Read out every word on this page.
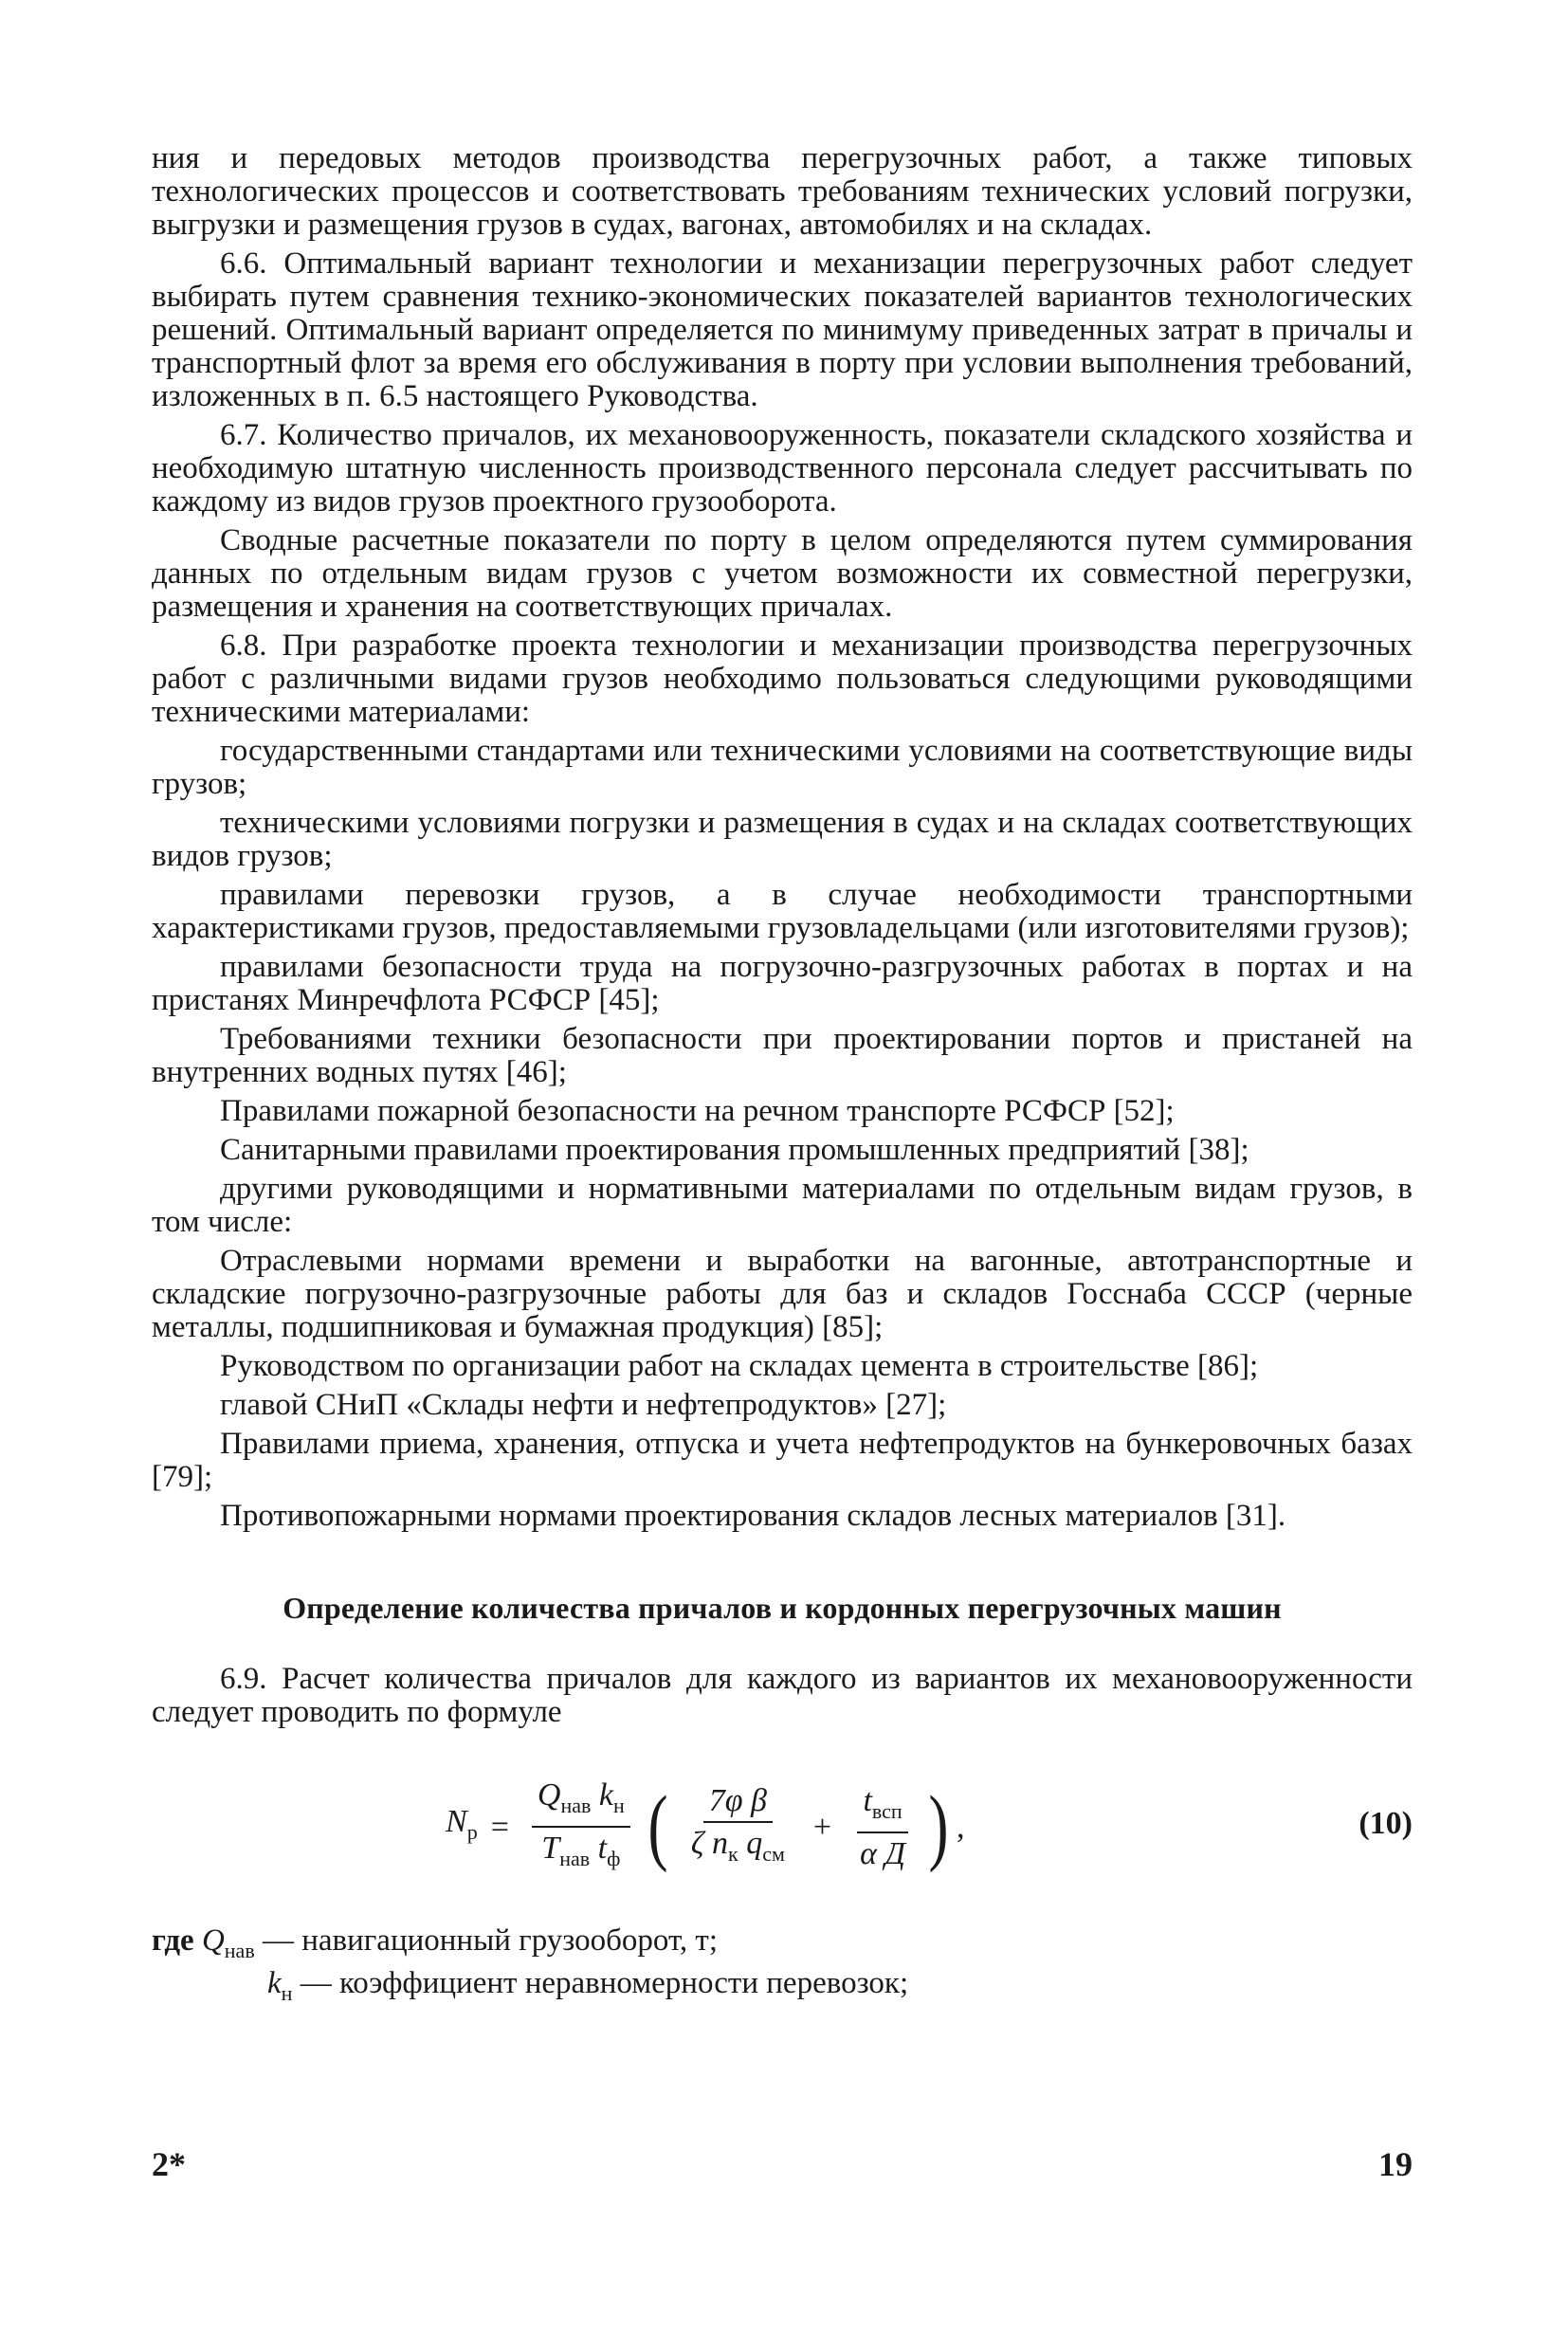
ния и передовых методов производства перегрузочных работ, а также типовых технологических процессов и соответствовать требованиям технических условий погрузки, выгрузки и размещения грузов в судах, вагонах, автомобилях и на складах.

6.6. Оптимальный вариант технологии и механизации перегрузочных работ следует выбирать путем сравнения технико-экономических показателей вариантов технологических решений. Оптимальный вариант определяется по минимуму приведенных затрат в причалы и транспортный флот за время его обслуживания в порту при условии выполнения требований, изложенных в п. 6.5 настоящего Руководства.

6.7. Количество причалов, их механовооруженность, показатели складского хозяйства и необходимую штатную численность производственного персонала следует рассчитывать по каждому из видов грузов проектного грузооборота.

Сводные расчетные показатели по порту в целом определяются путем суммирования данных по отдельным видам грузов с учетом возможности их совместной перегрузки, размещения и хранения на соответствующих причалах.

6.8. При разработке проекта технологии и механизации производства перегрузочных работ с различными видами грузов необходимо пользоваться следующими руководящими техническими материалами:

государственными стандартами или техническими условиями на соответствующие виды грузов;

техническими условиями погрузки и размещения в судах и на складах соответствующих видов грузов;

правилами перевозки грузов, а в случае необходимости транспортными характеристиками грузов, предоставляемыми грузовладельцами (или изготовителями грузов);

правилами безопасности труда на погрузочно-разгрузочных работах в портах и на пристанях Минречфлота РСФСР [45];

Требованиями техники безопасности при проектировании портов и пристаней на внутренних водных путях [46];

Правилами пожарной безопасности на речном транспорте РСФСР [52];

Санитарными правилами проектирования промышленных предприятий [38];

другими руководящими и нормативными материалами по отдельным видам грузов, в том числе:

Отраслевыми нормами времени и выработки на вагонные, автотранспортные и складские погрузочно-разгрузочные работы для баз и складов Госснаба СССР (черные металлы, подшипниковая и бумажная продукция) [85];

Руководством по организации работ на складах цемента в строительстве [86];

главой СНиП «Склады нефти и нефтепродуктов» [27];

Правилами приема, хранения, отпуска и учета нефтепродуктов на бункеровочных базах [79];

Противопожарными нормами проектирования складов лесных материалов [31].

Определение количества причалов и кордонных перегрузочных машин

6.9. Расчет количества причалов для каждого из вариантов их механовооруженности следует проводить по формуле

$N_р = \frac{Q_{нав} k_н}{T_{нав} t_ф}$ ( $\frac{\text{7φ β}}{\zeta n_к q_{см}} + \frac{t_{всп}}{\text{α Д}}$ ) ,	(10)
где $Q_{нав}$ — навигационный грузооборот, т;
$k_н$ — коэффициент неравномерности перевозок;
2*	19
